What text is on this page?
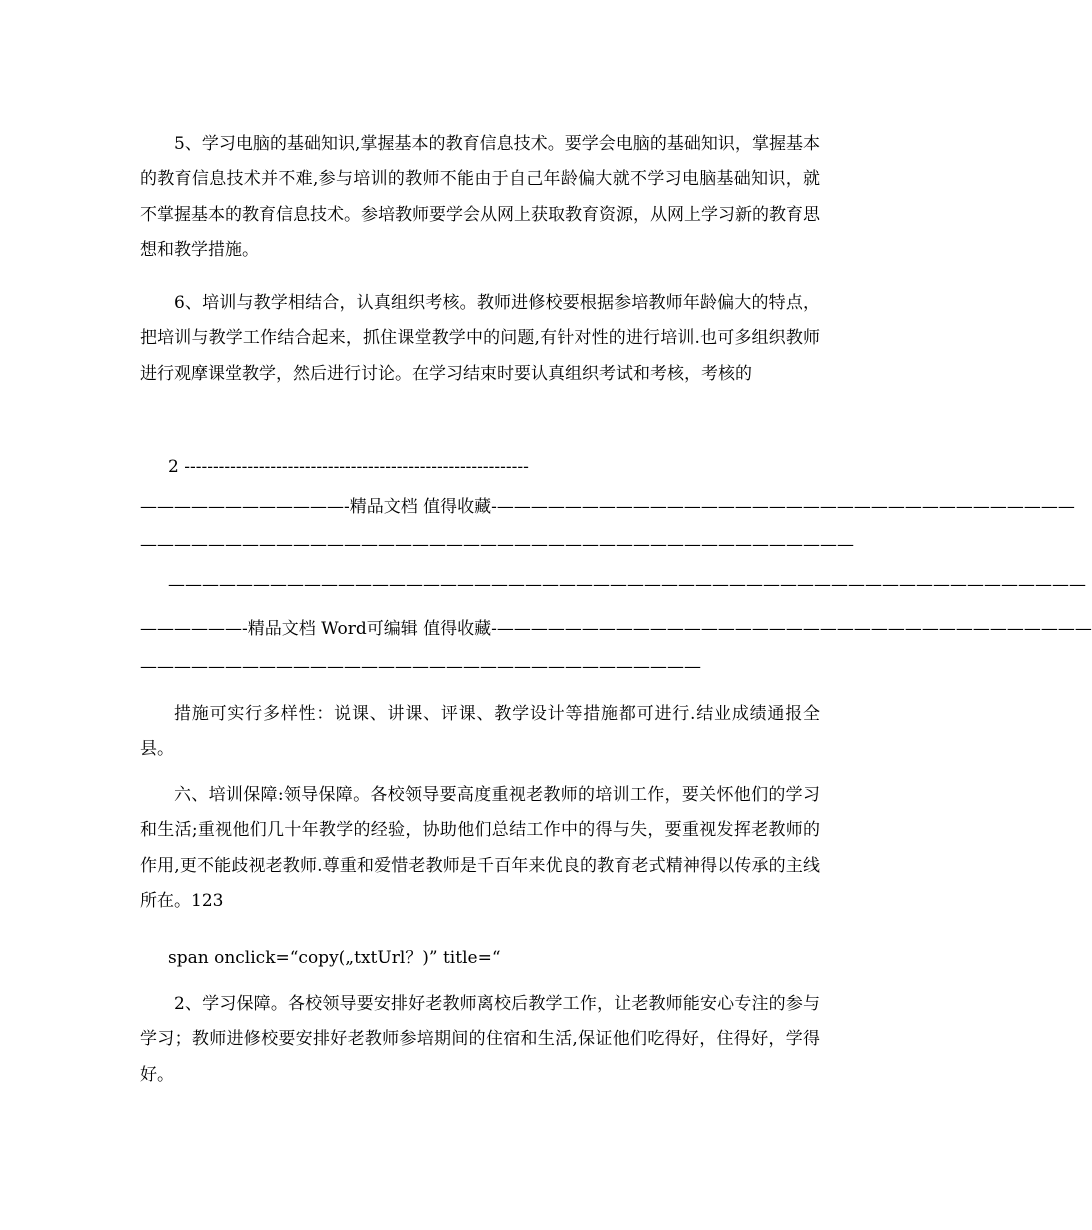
5、学习电脑的基础知识,掌握基本的教育信息技术。要学会电脑的基础知识，掌握基本的教育信息技术并不难,参与培训的教师不能由于自己年龄偏大就不学习电脑基础知识，就不掌握基本的教育信息技术。参培教师要学会从网上获取教育资源，从网上学习新的教育思想和教学措施。
6、培训与教学相结合，认真组织考核。教师进修校要根据参培教师年龄偏大的特点，把培训与教学工作结合起来，抓住课堂教学中的问题,有针对性的进行培训.也可多组织教师进行观摩课堂教学，然后进行讨论。在学习结束时要认真组织考试和考核，考核的
2 ------------------------------------------------------------
————————————-精品文档 值得收藏-——————————————————————————————————
——————————————————————————————————————————
——————————————————————————————————————————————————————
——————-精品文档 Word可编辑 值得收藏-———————————————————————————————————
—————————————————————————————————
措施可实行多样性：说课、讲课、评课、教学设计等措施都可进行.结业成绩通报全县。
六、培训保障:领导保障。各校领导要高度重视老教师的培训工作，要关怀他们的学习和生活;重视他们几十年教学的经验，协助他们总结工作中的得与失，要重视发挥老教师的作用,更不能歧视老教师.尊重和爱惜老教师是千百年来优良的教育老式精神得以传承的主线所在。123
span onclick=“copy(„txtUrl？)” title=“
2、学习保障。各校领导要安排好老教师离校后教学工作，让老教师能安心专注的参与学习；教师进修校要安排好老教师参培期间的住宿和生活,保证他们吃得好，住得好，学得好。
